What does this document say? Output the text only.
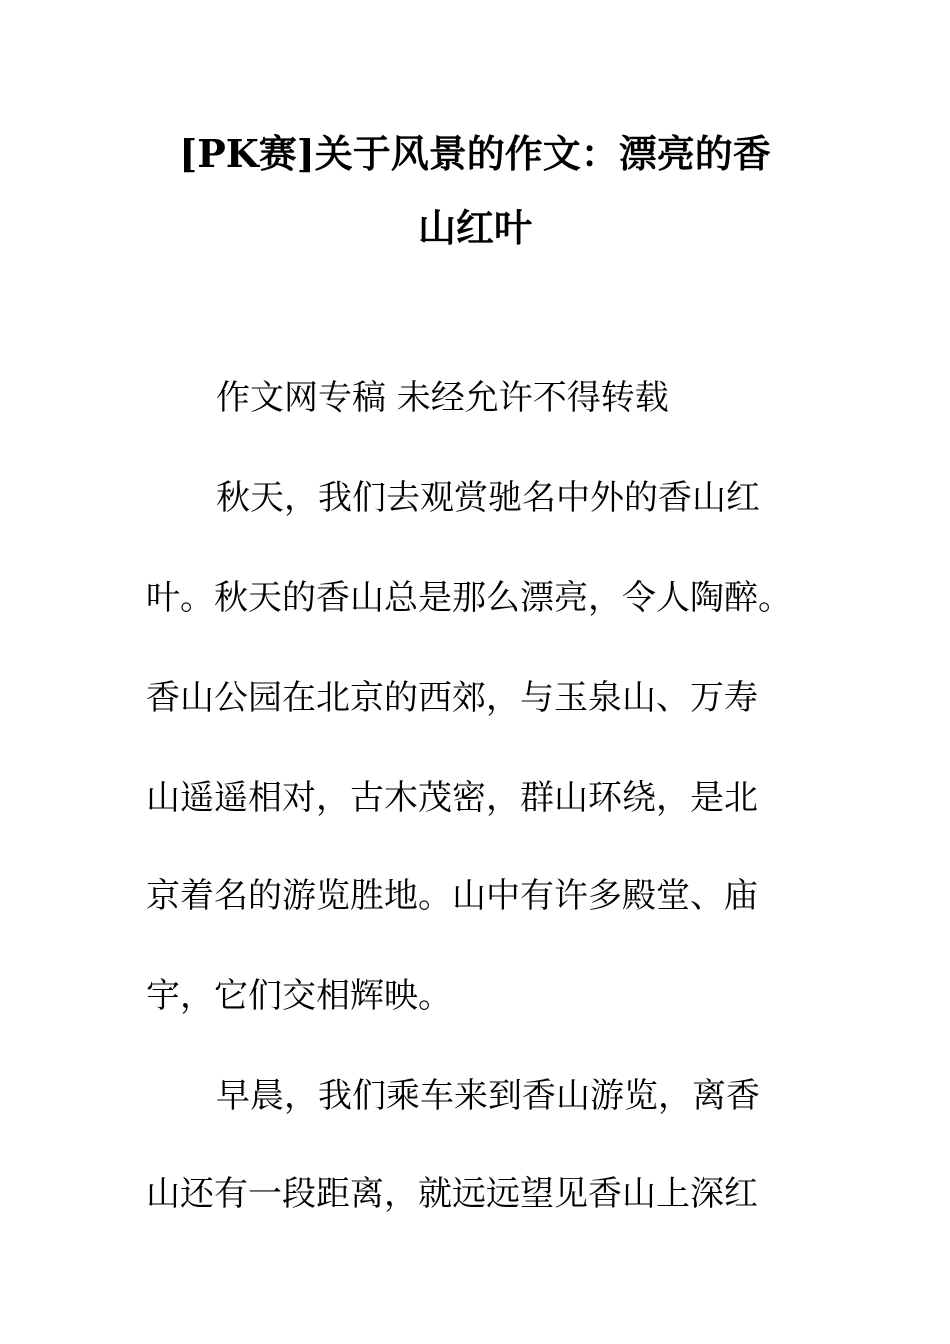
[PK赛]关于风景的作文：漂亮的香
山红叶
作文网专稿 未经允许不得转载
秋天，我们去观赏驰名中外的香山红
叶。秋天的香山总是那么漂亮，令人陶醉。
香山公园在北京的西郊，与玉泉山、万寿
山遥遥相对，古木茂密，群山环绕，是北
京着名的游览胜地。山中有许多殿堂、庙
宇，它们交相辉映。
早晨，我们乘车来到香山游览，离香
山还有一段距离，就远远望见香山上深红
